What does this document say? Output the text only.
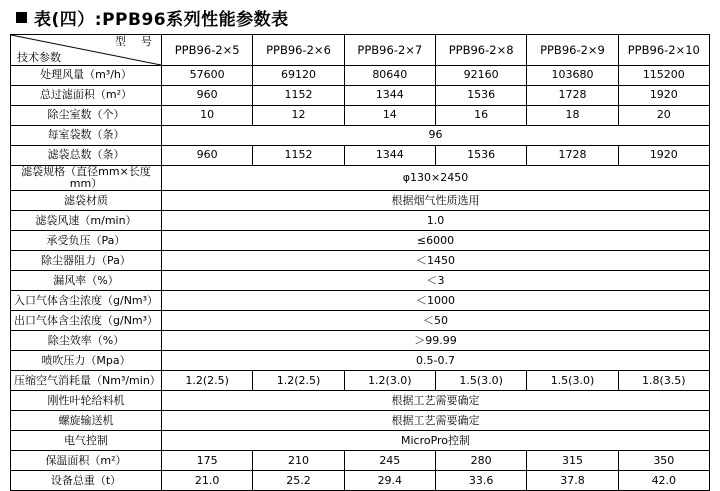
表(四）:PPB96系列性能参数表
型　号
技术参数	PPB96-2×5	PPB96-2×6	PPB96-2×7	PPB96-2×8	PPB96-2×9	PPB96-2×10
处理风量（m³/h）	57600	69120	80640	92160	103680	115200
总过滤面积（m²）	960	1152	1344	1536	1728	1920
除尘室数（个）	10	12	14	16	18	20
每室袋数（条）	96					
滤袋总数（条）	960	1152	1344	1536	1728	1920
滤袋规格（直径mm×长度mm）	φ130×2450					
滤袋材质	根据烟气性质选用					
滤袋风速（m/min）	1.0					
承受负压（Pa）	≤6000					
除尘器阻力（Pa）	＜1450					
漏风率（%）	＜3					
入口气体含尘浓度（g/Nm³）	＜1000					
出口气体含尘浓度（g/Nm³）	＜50					
除尘效率（%）	＞99.99					
喷吹压力（Mpa）	0.5-0.7					
压缩空气消耗量（Nm³/min）	1.2(2.5)	1.2(2.5)	1.2(3.0)	1.5(3.0)	1.5(3.0)	1.8(3.5)
刚性叶轮给料机	根据工艺需要确定					
螺旋输送机	根据工艺需要确定					
电气控制	MicroPro控制					
保温面积（m²）	175	210	245	280	315	350
设备总重（t）	21.0	25.2	29.4	33.6	37.8	42.0
